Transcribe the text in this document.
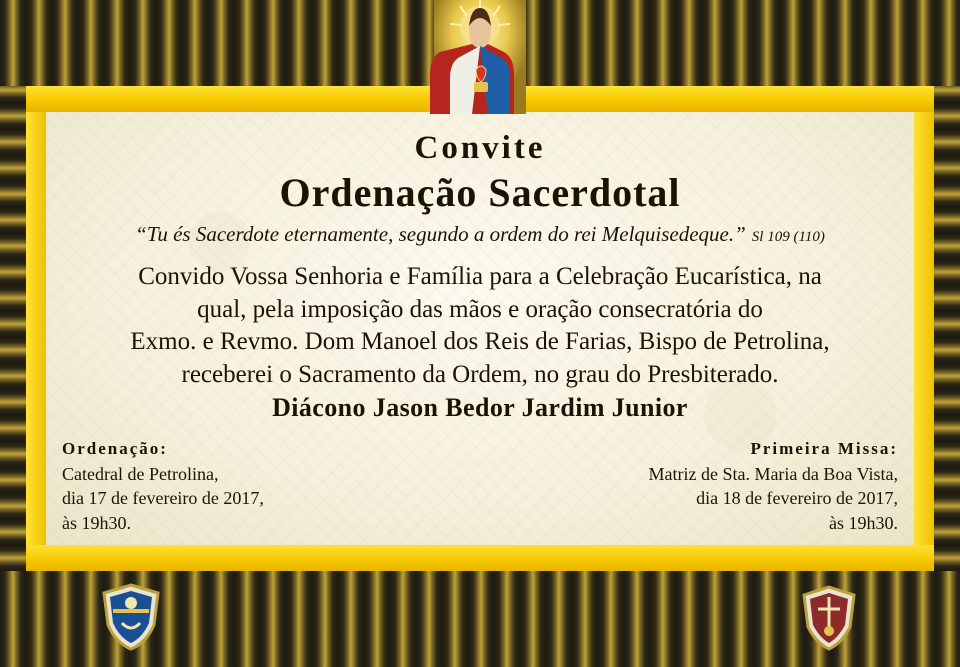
Convite
Ordenação Sacerdotal
“Tu és Sacerdote eternamente, segundo a ordem do rei Melquisedeque.” Sl 109 (110)
Convido Vossa Senhoria e Família para a Celebração Eucarística, na
qual, pela imposição das mãos e oração consecratória do
Exmo. e Revmo. Dom Manoel dos Reis de Farias, Bispo de Petrolina,
receberei o Sacramento da Ordem, no grau do Presbiterado.
Diácono Jason Bedor Jardim Junior
Ordenação:
Catedral de Petrolina,
dia 17 de fevereiro de 2017,
às 19h30.
Primeira Missa:
Matriz de Sta. Maria da Boa Vista,
dia 18 de fevereiro de 2017,
às 19h30.
